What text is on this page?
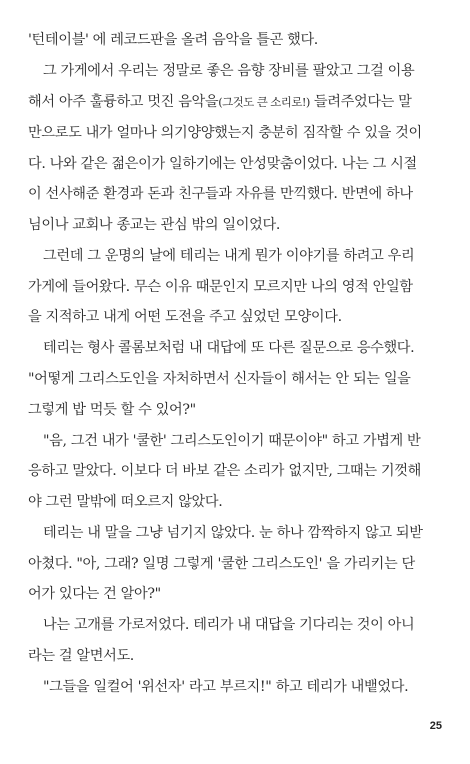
'턴테이블' 에 레코드판을 올려 음악을 틀곤 했다.
그 가게에서 우리는 정말로 좋은 음향 장비를 팔았고 그걸 이용
해서 아주 훌륭하고 멋진 음악을(그것도 큰 소리로!) 들려주었다는 말
만으로도 내가 얼마나 의기양양했는지 충분히 짐작할 수 있을 것이
다. 나와 같은 젊은이가 일하기에는 안성맞춤이었다. 나는 그 시절
이 선사해준 환경과 돈과 친구들과 자유를 만끽했다. 반면에 하나
님이나 교회나 종교는 관심 밖의 일이었다.
그런데 그 운명의 날에 테리는 내게 뭔가 이야기를 하려고 우리
가게에 들어왔다. 무슨 이유 때문인지 모르지만 나의 영적 안일함
을 지적하고 내게 어떤 도전을 주고 싶었던 모양이다.
테리는 형사 콜롬보처럼 내 대답에 또 다른 질문으로 응수했다.
"어떻게 그리스도인을 자처하면서 신자들이 해서는 안 되는 일을
그렇게 밥 먹듯 할 수 있어?"
"음, 그건 내가 '쿨한' 그리스도인이기 때문이야" 하고 가볍게 반
응하고 말았다. 이보다 더 바보 같은 소리가 없지만, 그때는 기껏해
야 그런 말밖에 떠오르지 않았다.
테리는 내 말을 그냥 넘기지 않았다. 눈 하나 깜짝하지 않고 되받
아쳤다. "아, 그래? 일명 그렇게 '쿨한 그리스도인' 을 가리키는 단
어가 있다는 건 알아?"
나는 고개를 가로저었다. 테리가 내 대답을 기다리는 것이 아니
라는 걸 알면서도.
"그들을 일컬어 '위선자' 라고 부르지!" 하고 테리가 내뱉었다.
25
